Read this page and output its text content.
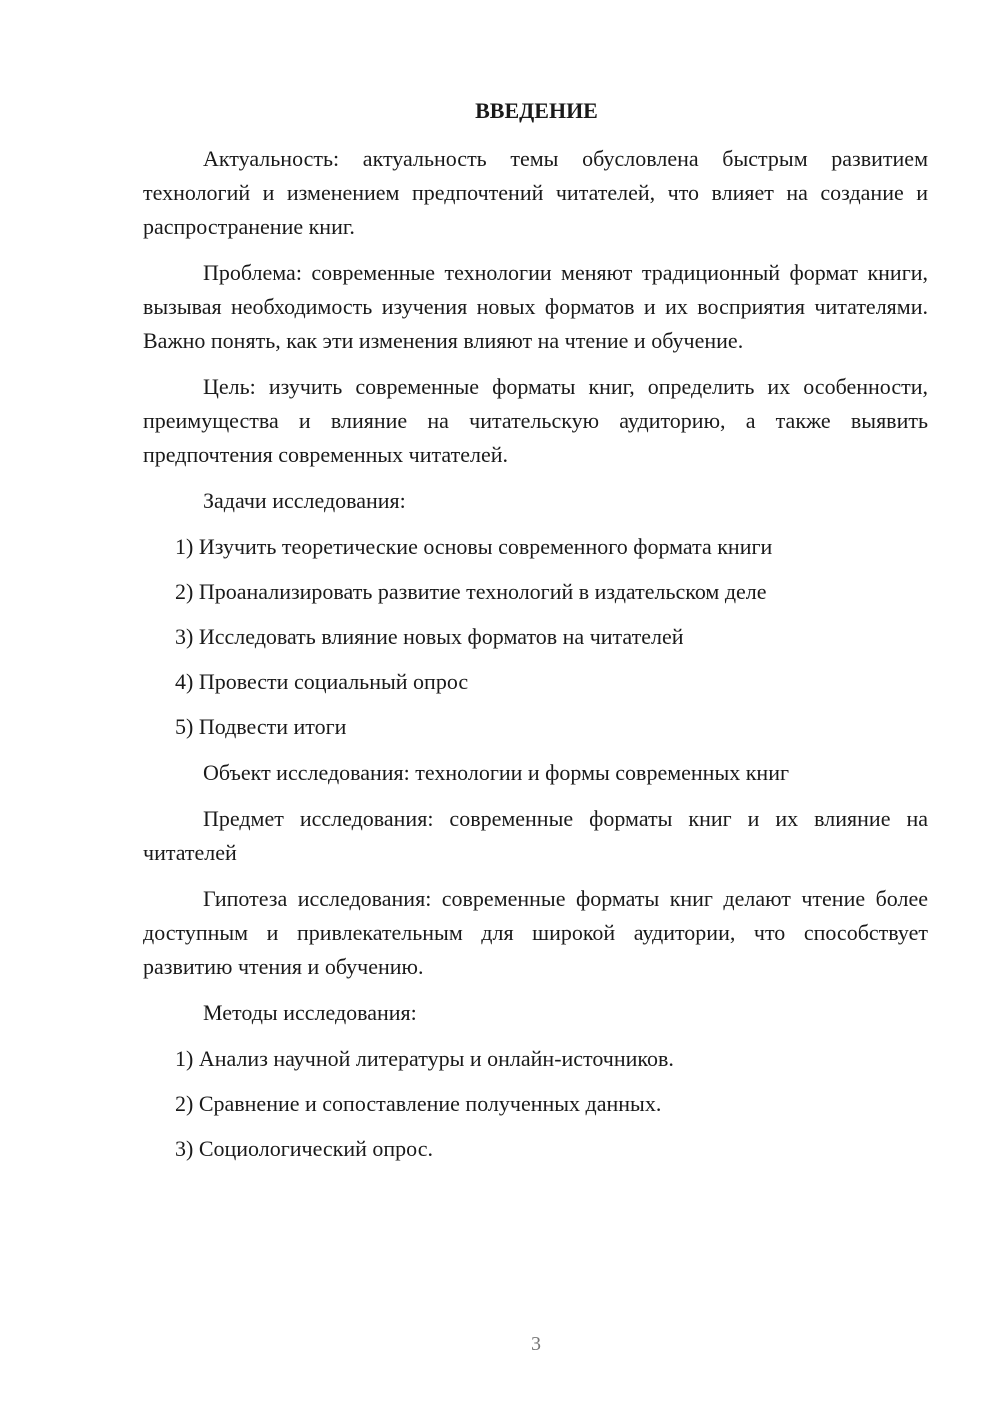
ВВЕДЕНИЕ

Актуальность: актуальность темы обусловлена быстрым развитием технологий и изменением предпочтений читателей, что влияет на создание и распространение книг.

Проблема: современные технологии меняют традиционный формат книги, вызывая необходимость изучения новых форматов и их восприятия читателями. Важно понять, как эти изменения влияют на чтение и обучение.

Цель: изучить современные форматы книг, определить их особенности, преимущества и влияние на читательскую аудиторию, а также выявить предпочтения современных читателей.

Задачи исследования:

1) Изучить теоретические основы современного формата книги
2) Проанализировать развитие технологий в издательском деле
3) Исследовать влияние новых форматов на читателей
4) Провести социальный опрос
5) Подвести итоги

Объект исследования: технологии и формы современных книг

Предмет исследования: современные форматы книг и их влияние на читателей

Гипотеза исследования: современные форматы книг делают чтение более доступным и привлекательным для широкой аудитории, что способствует развитию чтения и обучению.

Методы исследования:

1) Анализ научной литературы и онлайн-источников.
2) Сравнение и сопоставление полученных данных.
3) Социологический опрос.
3
